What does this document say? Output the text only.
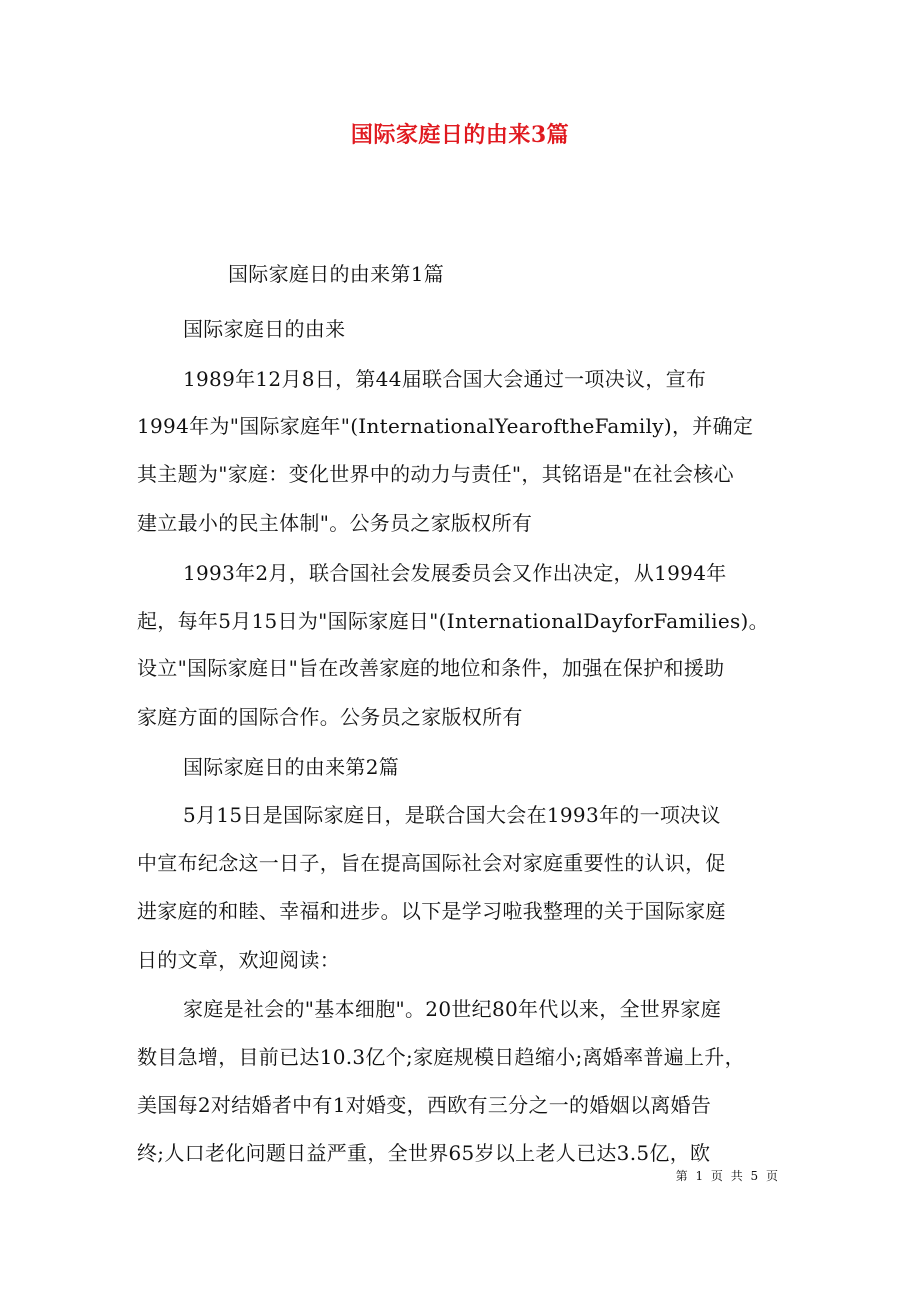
国际家庭日的由来3篇

国际家庭日的由来第1篇

国际家庭日的由来

1989年12月8日，第44届联合国大会通过一项决议，宣布

1994年为"国际家庭年"(InternationalYearoftheFamily)，并确定

其主题为"家庭：变化世界中的动力与责任"，其铭语是"在社会核心

建立最小的民主体制"。公务员之家版权所有

1993年2月，联合国社会发展委员会又作出决定，从1994年

起，每年5月15日为"国际家庭日"(InternationalDayforFamilies)。

设立"国际家庭日"旨在改善家庭的地位和条件，加强在保护和援助

家庭方面的国际合作。公务员之家版权所有

国际家庭日的由来第2篇

5月15日是国际家庭日，是联合国大会在1993年的一项决议

中宣布纪念这一日子，旨在提高国际社会对家庭重要性的认识，促

进家庭的和睦、幸福和进步。以下是学习啦我整理的关于国际家庭

日的文章，欢迎阅读：

家庭是社会的"基本细胞"。20世纪80年代以来，全世界家庭

数目急增，目前已达10.3亿个;家庭规模日趋缩小;离婚率普遍上升，

美国每2对结婚者中有1对婚变，西欧有三分之一的婚姻以离婚告

终;人口老化问题日益严重，全世界65岁以上老人已达3.5亿，欧

第 1 页 共 5 页
